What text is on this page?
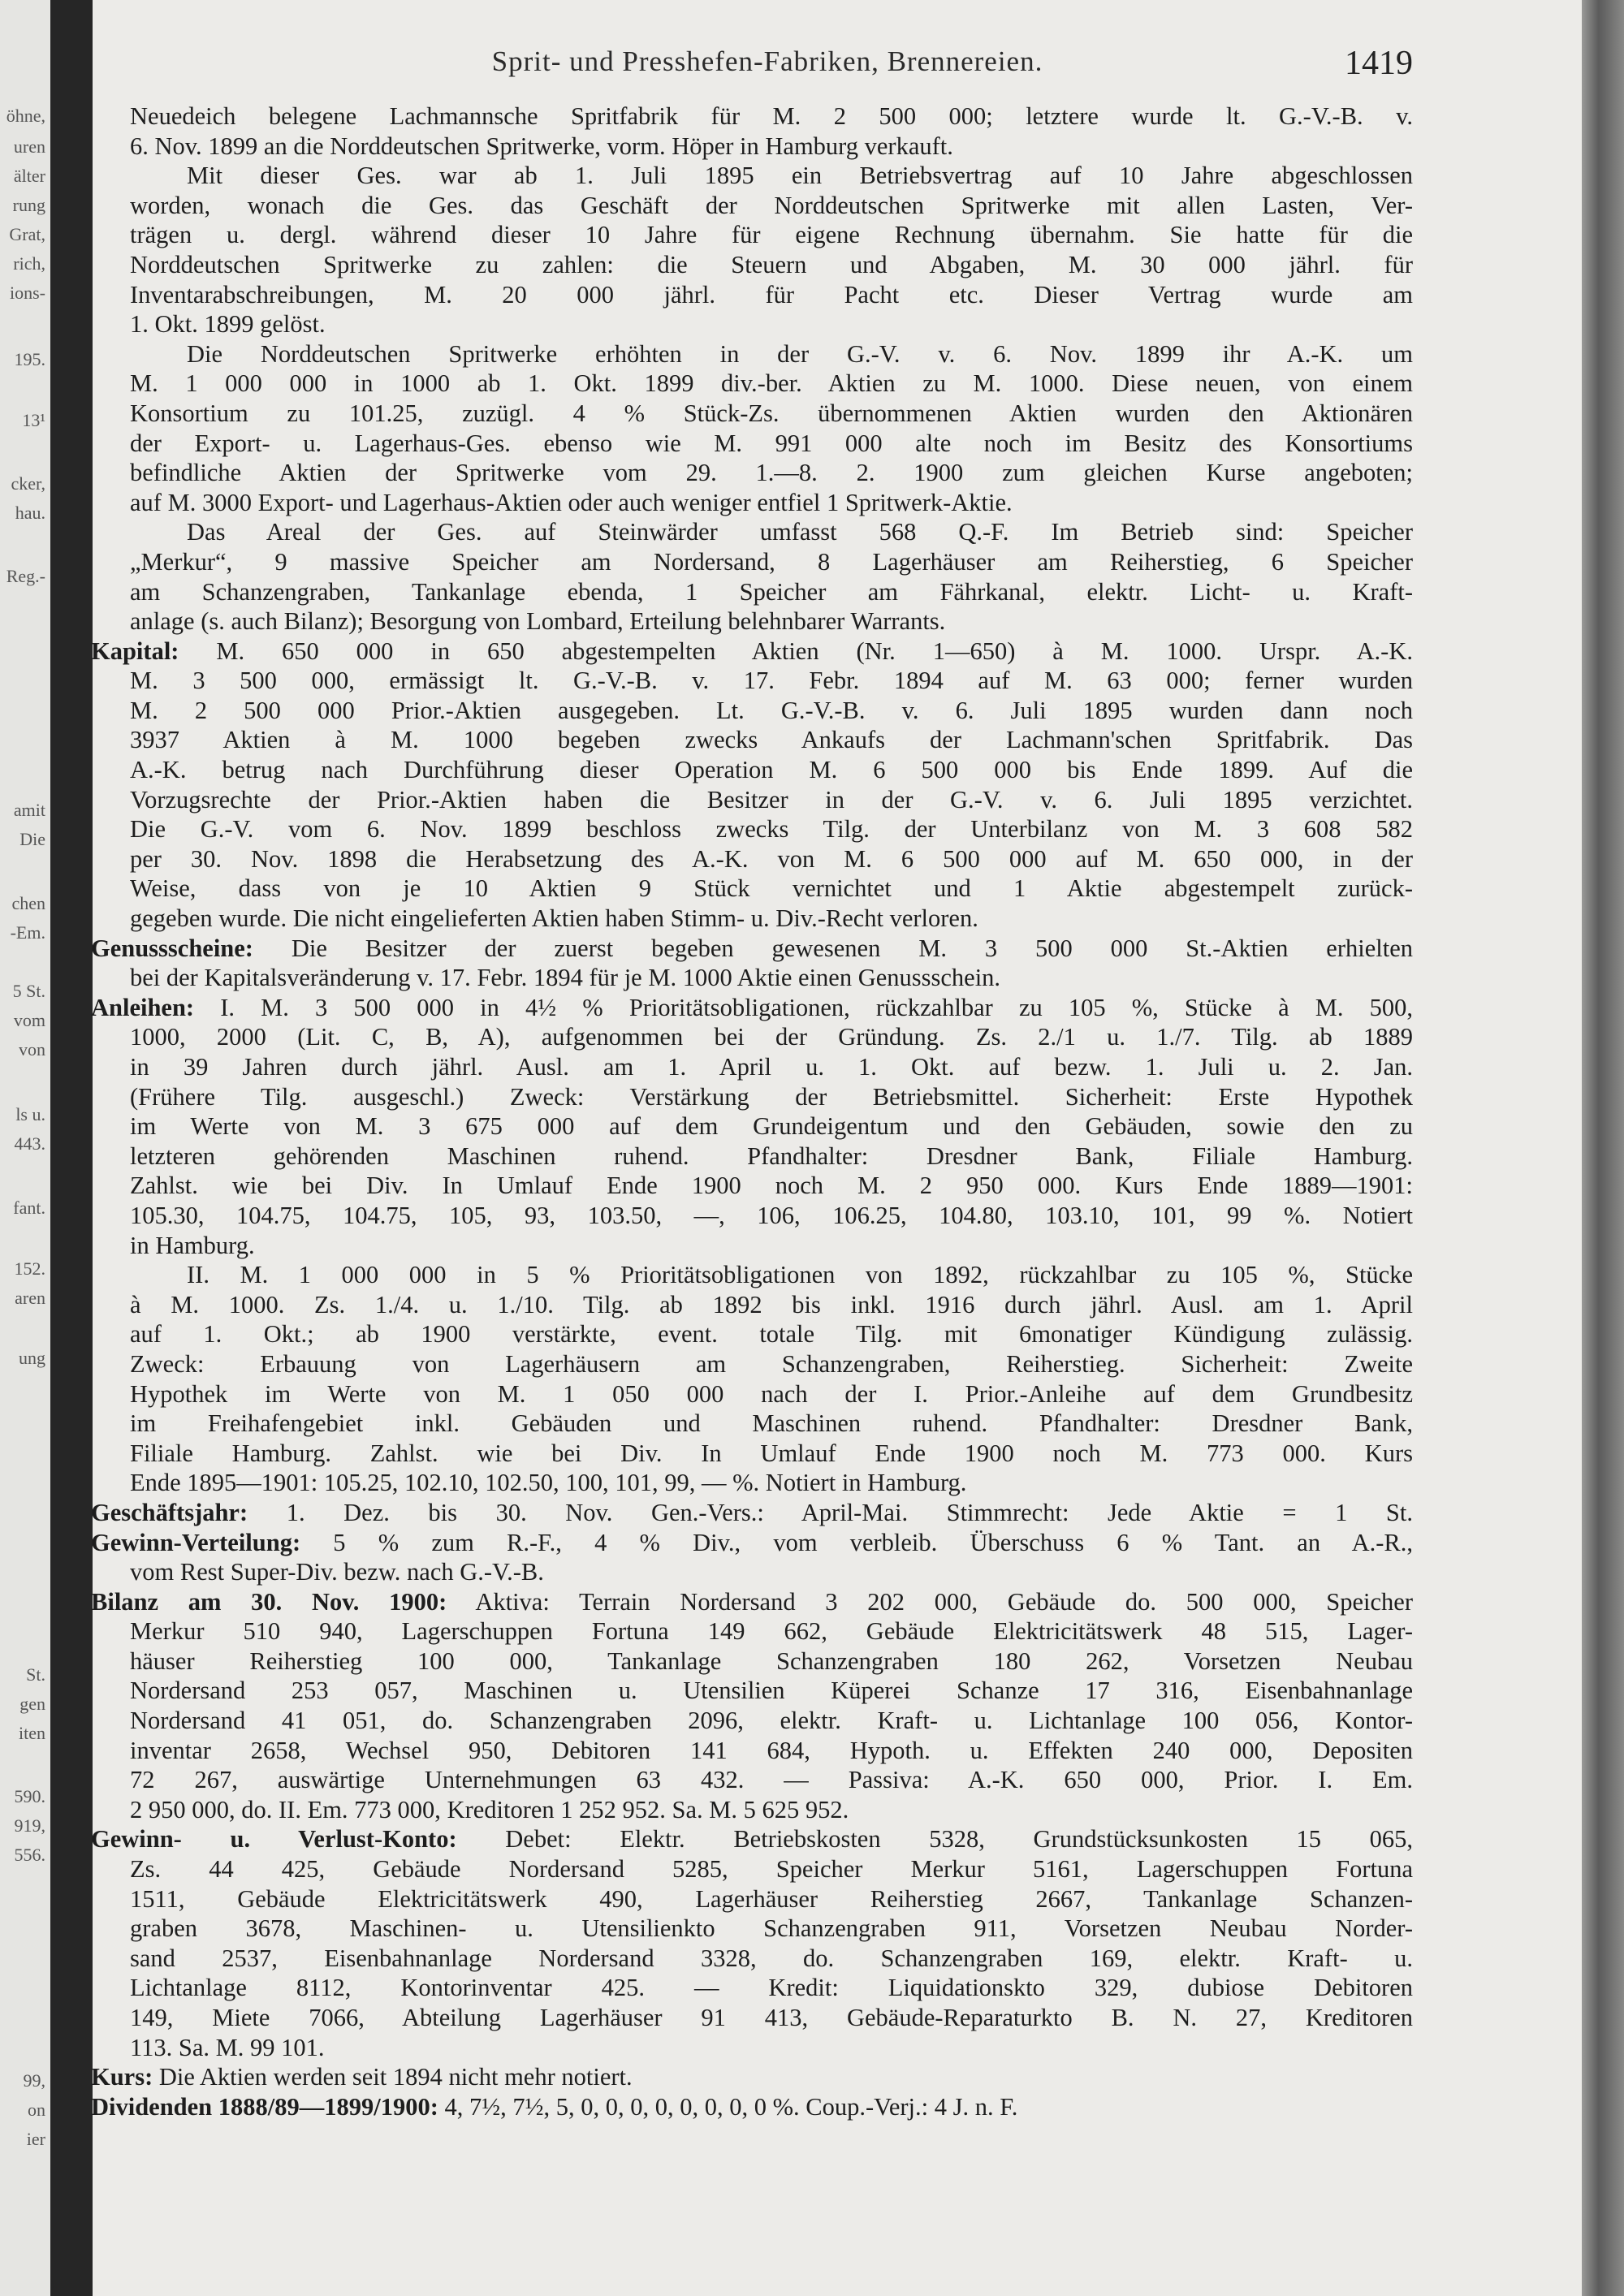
öhne,
uren
älter
rung
Grat,
rich,
ions-
195.
13¹
cker,
hau.
Reg.-
amit
Die
chen
-Em.
5 St.
vom
von
ls u.
443.
fant.
152.
aren
ung
St.
gen
iten
590.
919,
556.
99,
on
ier
Sprit- und Presshefen-Fabriken, Brennereien.	1419
Neuedeich belegene Lachmannsche Spritfabrik für M. 2 500 000; letztere wurde lt. G.-V.-B. v.
6. Nov. 1899 an die Norddeutschen Spritwerke, vorm. Höper in Hamburg verkauft.
Mit dieser Ges. war ab 1. Juli 1895 ein Betriebsvertrag auf 10 Jahre abgeschlossen
worden, wonach die Ges. das Geschäft der Norddeutschen Spritwerke mit allen Lasten, Ver-
trägen u. dergl. während dieser 10 Jahre für eigene Rechnung übernahm. Sie hatte für die
Norddeutschen Spritwerke zu zahlen: die Steuern und Abgaben, M. 30 000 jährl. für
Inventarabschreibungen, M. 20 000 jährl. für Pacht etc. Dieser Vertrag wurde am
1. Okt. 1899 gelöst.
Die Norddeutschen Spritwerke erhöhten in der G.-V. v. 6. Nov. 1899 ihr A.-K. um
M. 1 000 000 in 1000 ab 1. Okt. 1899 div.-ber. Aktien zu M. 1000. Diese neuen, von einem
Konsortium zu 101.25, zuzügl. 4 % Stück-Zs. übernommenen Aktien wurden den Aktionären
der Export- u. Lagerhaus-Ges. ebenso wie M. 991 000 alte noch im Besitz des Konsortiums
befindliche Aktien der Spritwerke vom 29. 1.—8. 2. 1900 zum gleichen Kurse angeboten;
auf M. 3000 Export- und Lagerhaus-Aktien oder auch weniger entfiel 1 Spritwerk-Aktie.
Das Areal der Ges. auf Steinwärder umfasst 568 Q.-F. Im Betrieb sind: Speicher
„Merkur“, 9 massive Speicher am Nordersand, 8 Lagerhäuser am Reiherstieg, 6 Speicher
am Schanzengraben, Tankanlage ebenda, 1 Speicher am Fährkanal, elektr. Licht- u. Kraft-
anlage (s. auch Bilanz); Besorgung von Lombard, Erteilung belehnbarer Warrants.
Kapital: M. 650 000 in 650 abgestempelten Aktien (Nr. 1—650) à M. 1000. Urspr. A.-K.
M. 3 500 000, ermässigt lt. G.-V.-B. v. 17. Febr. 1894 auf M. 63 000; ferner wurden
M. 2 500 000 Prior.-Aktien ausgegeben. Lt. G.-V.-B. v. 6. Juli 1895 wurden dann noch
3937 Aktien à M. 1000 begeben zwecks Ankaufs der Lachmann'schen Spritfabrik. Das
A.-K. betrug nach Durchführung dieser Operation M. 6 500 000 bis Ende 1899. Auf die
Vorzugsrechte der Prior.-Aktien haben die Besitzer in der G.-V. v. 6. Juli 1895 verzichtet.
Die G.-V. vom 6. Nov. 1899 beschloss zwecks Tilg. der Unterbilanz von M. 3 608 582
per 30. Nov. 1898 die Herabsetzung des A.-K. von M. 6 500 000 auf M. 650 000, in der
Weise, dass von je 10 Aktien 9 Stück vernichtet und 1 Aktie abgestempelt zurück-
gegeben wurde. Die nicht eingelieferten Aktien haben Stimm- u. Div.-Recht verloren.
Genussscheine: Die Besitzer der zuerst begeben gewesenen M. 3 500 000 St.-Aktien erhielten
bei der Kapitalsveränderung v. 17. Febr. 1894 für je M. 1000 Aktie einen Genussschein.
Anleihen: I. M. 3 500 000 in 4½ % Prioritätsobligationen, rückzahlbar zu 105 %, Stücke à M. 500,
1000, 2000 (Lit. C, B, A), aufgenommen bei der Gründung. Zs. 2./1 u. 1./7. Tilg. ab 1889
in 39 Jahren durch jährl. Ausl. am 1. April u. 1. Okt. auf bezw. 1. Juli u. 2. Jan.
(Frühere Tilg. ausgeschl.) Zweck: Verstärkung der Betriebsmittel. Sicherheit: Erste Hypothek
im Werte von M. 3 675 000 auf dem Grundeigentum und den Gebäuden, sowie den zu
letzteren gehörenden Maschinen ruhend. Pfandhalter: Dresdner Bank, Filiale Hamburg.
Zahlst. wie bei Div. In Umlauf Ende 1900 noch M. 2 950 000. Kurs Ende 1889—1901:
105.30, 104.75, 104.75, 105, 93, 103.50, —, 106, 106.25, 104.80, 103.10, 101, 99 %. Notiert
in Hamburg.
II. M. 1 000 000 in 5 % Prioritätsobligationen von 1892, rückzahlbar zu 105 %, Stücke
à M. 1000. Zs. 1./4. u. 1./10. Tilg. ab 1892 bis inkl. 1916 durch jährl. Ausl. am 1. April
auf 1. Okt.; ab 1900 verstärkte, event. totale Tilg. mit 6monatiger Kündigung zulässig.
Zweck: Erbauung von Lagerhäusern am Schanzengraben, Reiherstieg. Sicherheit: Zweite
Hypothek im Werte von M. 1 050 000 nach der I. Prior.-Anleihe auf dem Grundbesitz
im Freihafengebiet inkl. Gebäuden und Maschinen ruhend. Pfandhalter: Dresdner Bank,
Filiale Hamburg. Zahlst. wie bei Div. In Umlauf Ende 1900 noch M. 773 000. Kurs
Ende 1895—1901: 105.25, 102.10, 102.50, 100, 101, 99, — %. Notiert in Hamburg.
Geschäftsjahr: 1. Dez. bis 30. Nov. Gen.-Vers.: April-Mai. Stimmrecht: Jede Aktie = 1 St.
Gewinn-Verteilung: 5 % zum R.-F., 4 % Div., vom verbleib. Überschuss 6 % Tant. an A.-R.,
vom Rest Super-Div. bezw. nach G.-V.-B.
Bilanz am 30. Nov. 1900: Aktiva: Terrain Nordersand 3 202 000, Gebäude do. 500 000, Speicher
Merkur 510 940, Lagerschuppen Fortuna 149 662, Gebäude Elektricitätswerk 48 515, Lager-
häuser Reiherstieg 100 000, Tankanlage Schanzengraben 180 262, Vorsetzen Neubau
Nordersand 253 057, Maschinen u. Utensilien Küperei Schanze 17 316, Eisenbahnanlage
Nordersand 41 051, do. Schanzengraben 2096, elektr. Kraft- u. Lichtanlage 100 056, Kontor-
inventar 2658, Wechsel 950, Debitoren 141 684, Hypoth. u. Effekten 240 000, Depositen
72 267, auswärtige Unternehmungen 63 432. — Passiva: A.-K. 650 000, Prior. I. Em.
2 950 000, do. II. Em. 773 000, Kreditoren 1 252 952. Sa. M. 5 625 952.
Gewinn- u. Verlust-Konto: Debet: Elektr. Betriebskosten 5328, Grundstücksunkosten 15 065,
Zs. 44 425, Gebäude Nordersand 5285, Speicher Merkur 5161, Lagerschuppen Fortuna
1511, Gebäude Elektricitätswerk 490, Lagerhäuser Reiherstieg 2667, Tankanlage Schanzen-
graben 3678, Maschinen- u. Utensilienkto Schanzengraben 911, Vorsetzen Neubau Norder-
sand 2537, Eisenbahnanlage Nordersand 3328, do. Schanzengraben 169, elektr. Kraft- u.
Lichtanlage 8112, Kontorinventar 425. — Kredit: Liquidationskto 329, dubiose Debitoren
149, Miete 7066, Abteilung Lagerhäuser 91 413, Gebäude-Reparaturkto B. N. 27, Kreditoren
113. Sa. M. 99 101.
Kurs: Die Aktien werden seit 1894 nicht mehr notiert.
Dividenden 1888/89—1899/1900: 4, 7½, 7½, 5, 0, 0, 0, 0, 0, 0, 0, 0 %. Coup.-Verj.: 4 J. n. F.
